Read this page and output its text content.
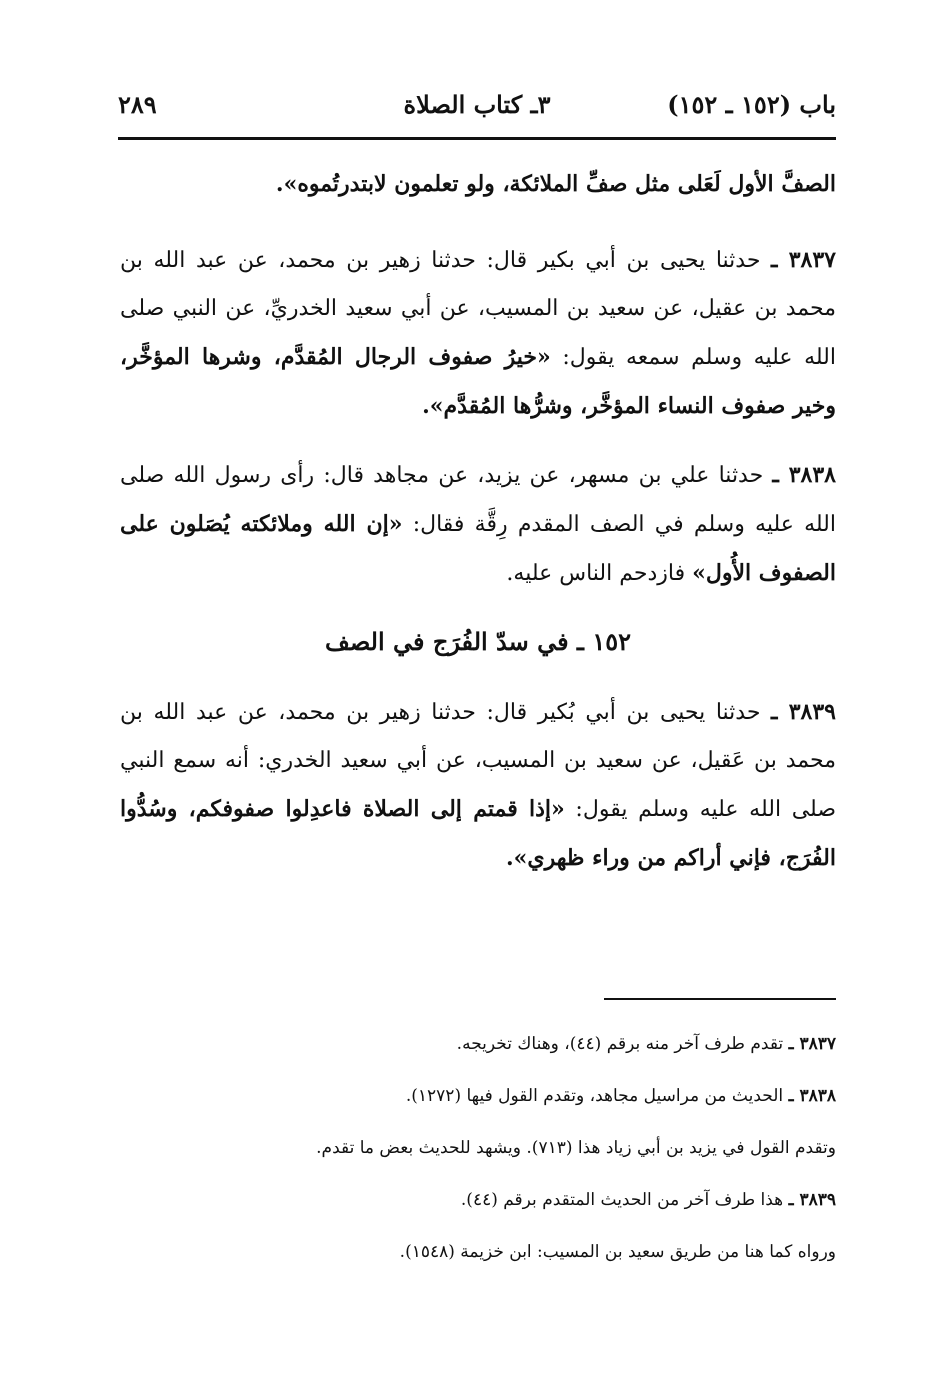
باب (١٥٢ ـ ١٥٢)
٣ـ كتاب الصلاة
٢٨٩

الصفَّ الأول لَعَلى مثل صفِّ الملائكة، ولو تعلمون لابتدرتُموه».

٣٨٣٧ ـ حدثنا يحيى بن أبي بكير قال: حدثنا زهير بن محمد، عن عبد الله بن محمد بن عقيل، عن سعيد بن المسيب، عن أبي سعيد الخدريِّ، عن النبي صلى الله عليه وسلم سمعه يقول: «خيرُ صفوف الرجال المُقدَّم، وشرها المؤخَّر، وخير صفوف النساء المؤخَّر، وشرُّها المُقدَّم».

٣٨٣٨ ـ حدثنا علي بن مسهر، عن يزيد، عن مجاهد قال: رأى رسول الله صلى الله عليه وسلم في الصف المقدم رِقَّة فقال: «إن الله وملائكته يُصَلون على الصفوف الأُول» فازدحم الناس عليه.

١٥٢ ـ في سدّ الفُرَج في الصف

٣٨٣٩ ـ حدثنا يحيى بن أبي بُكير قال: حدثنا زهير بن محمد، عن عبد الله بن محمد بن عَقيل، عن سعيد بن المسيب، عن أبي سعيد الخدري: أنه سمع النبي صلى الله عليه وسلم يقول: «إذا قمتم إلى الصلاة فاعدِلوا صفوفكم، وسُدُّوا الفُرَج، فإني أراكم من وراء ظهري».

٣٨٣٧ ـ تقدم طرف آخر منه برقم (٤٤)، وهناك تخريجه.

٣٨٣٨ ـ الحديث من مراسيل مجاهد، وتقدم القول فيها (١٢٧٢).

وتقدم القول في يزيد بن أبي زياد هذا (٧١٣). ويشهد للحديث بعض ما تقدم.

٣٨٣٩ ـ هذا طرف آخر من الحديث المتقدم برقم (٤٤).

ورواه كما هنا من طريق سعيد بن المسيب: ابن خزيمة (١٥٤٨).
